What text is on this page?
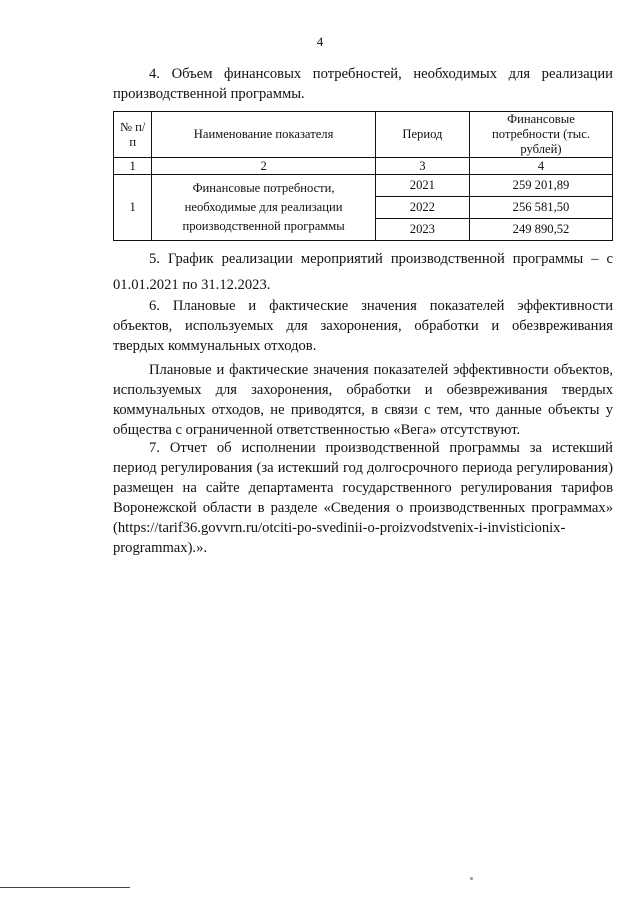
4

4. Объем финансовых потребностей, необходимых для реализации производственной программы.

№ п/п	Наименование показателя	Период	Финансовые потребности (тыс. рублей)
1	2	3	4
1	Финансовые потребности, необходимые для реализации производственной программы	2021	259 201,89
		2022	256 581,50
		2023	249 890,52

5. График реализации мероприятий производственной программы – с 01.01.2021 по 31.12.2023.

6. Плановые и фактические значения показателей эффективности объектов, используемых для захоронения, обработки и обезвреживания твердых коммунальных отходов.

Плановые и фактические значения показателей эффективности объектов, используемых для захоронения, обработки и обезвреживания твердых коммунальных отходов, не приводятся, в связи с тем, что данные объекты у общества с ограниченной ответственностью «Вега» отсутствуют.

7. Отчет об исполнении производственной программы за истекший период регулирования (за истекший год долгосрочного периода регулирования) размещен на сайте департамента государственного регулирования тарифов Воронежской области в разделе «Сведения о производственных программах» (https://tarif36.govvrn.ru/otciti-po-svedinii-o-proizvodstvenix-i-invisticionix-programmax).».
